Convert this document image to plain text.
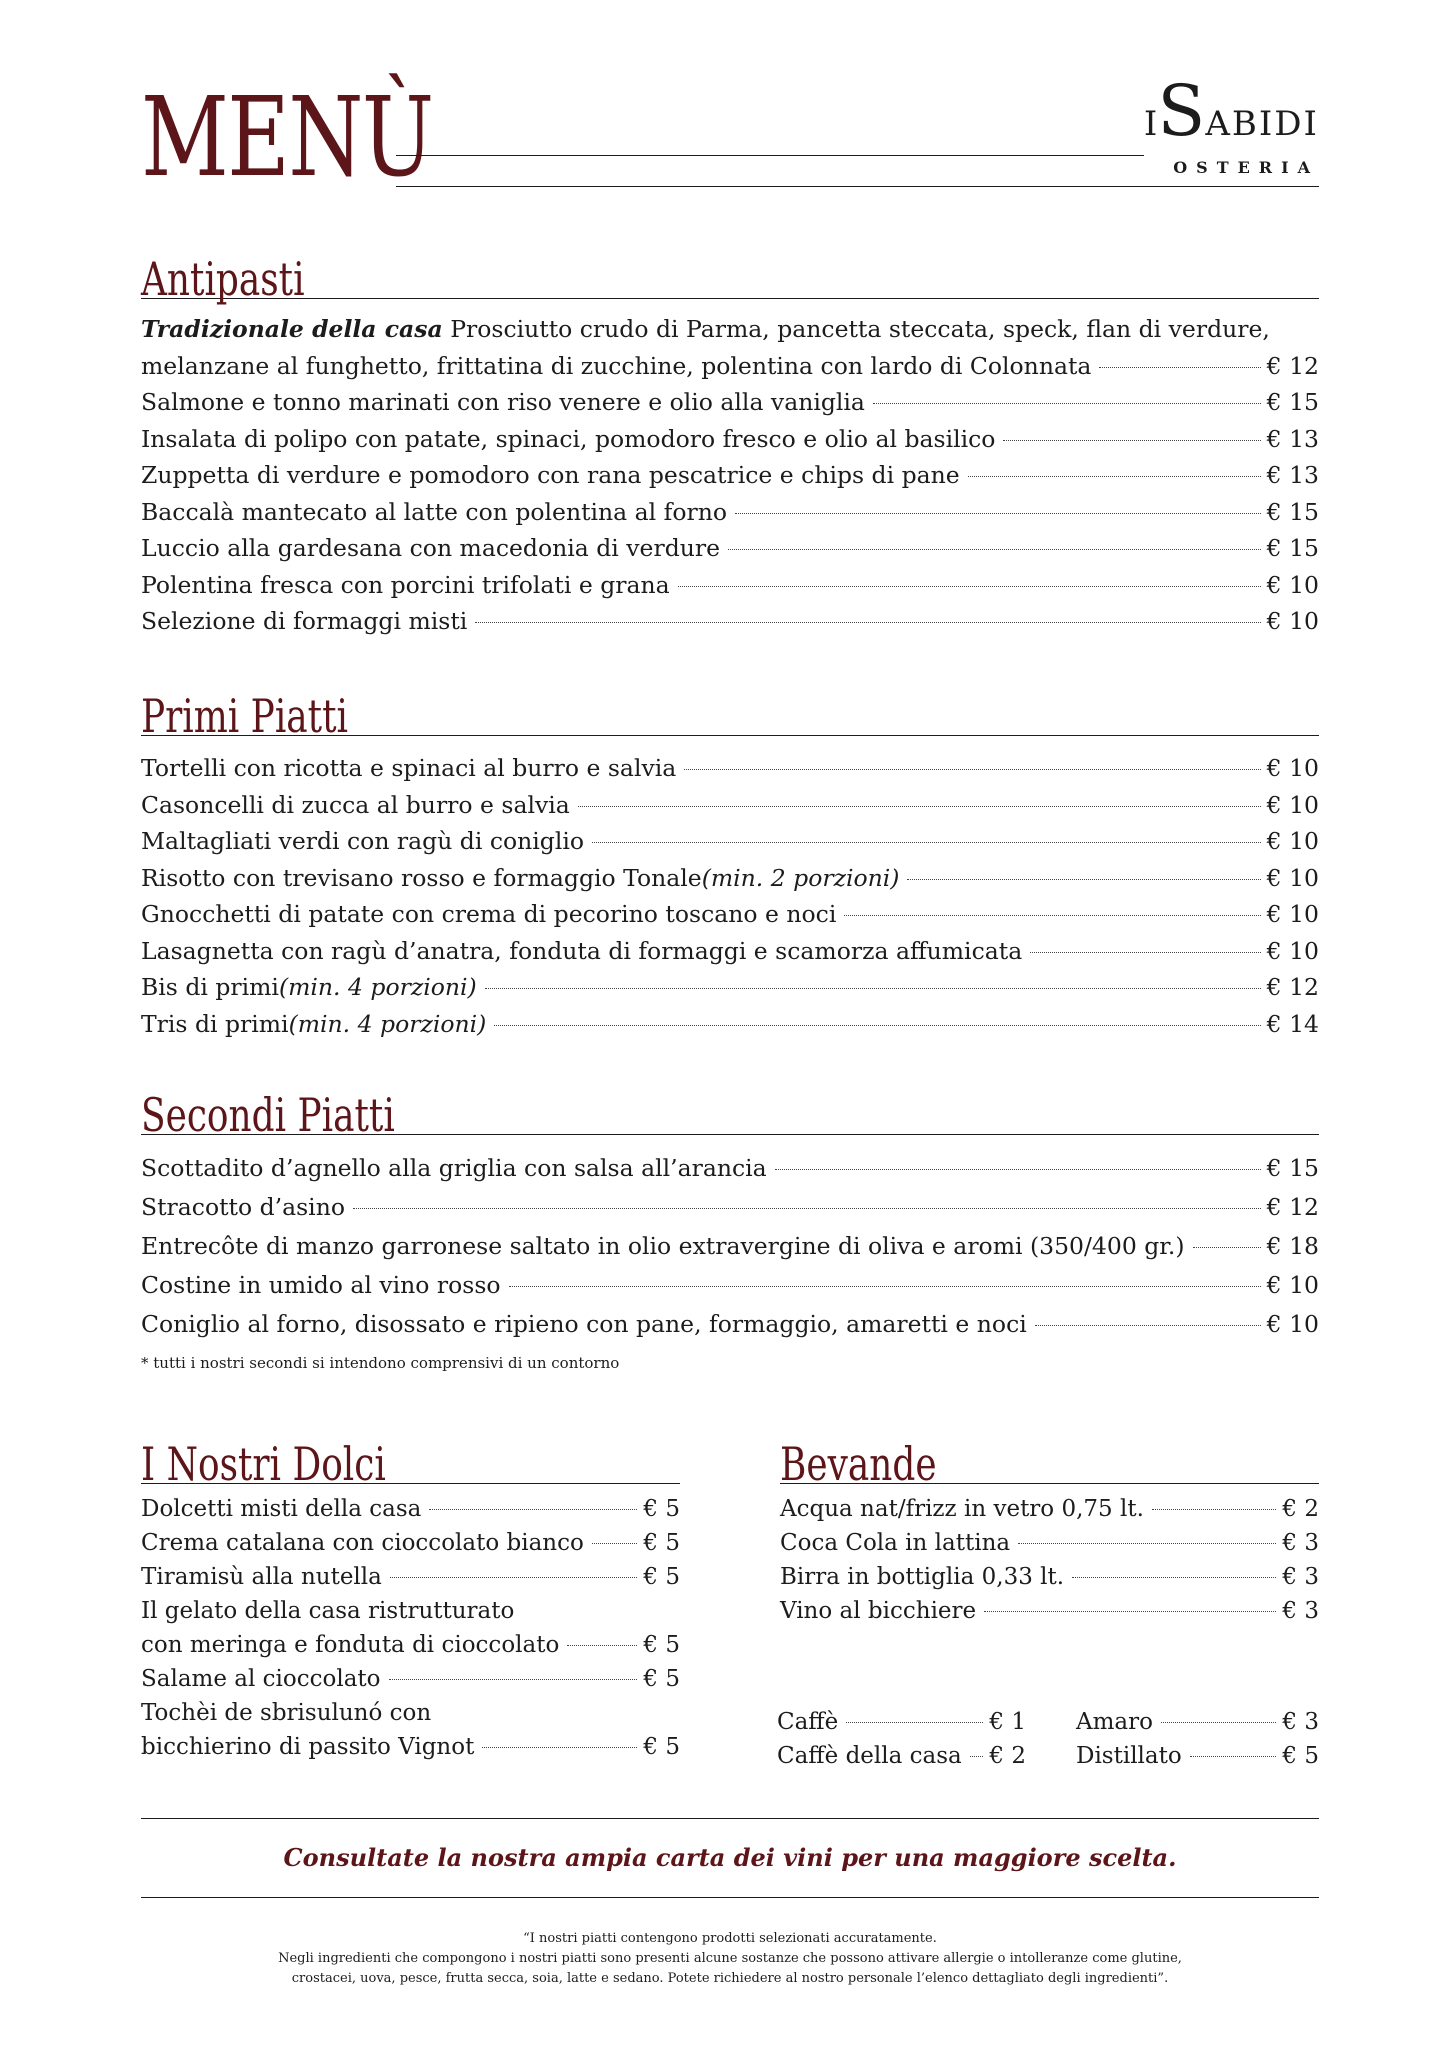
MENÙ	ISABIDI
OSTERIA
Antipasti
Tradizionale della casa Prosciutto crudo di Parma, pancetta steccata, speck, flan di verdure,
melanzane al funghetto, frittatina di zucchine, polentina con lardo di Colonnata	€ 12
Salmone e tonno marinati con riso venere e olio alla vaniglia	€ 15
Insalata di polipo con patate, spinaci, pomodoro fresco e olio al basilico	€ 13
Zuppetta di verdure e pomodoro con rana pescatrice e chips di pane	€ 13
Baccalà mantecato al latte con polentina al forno	€ 15
Luccio alla gardesana con macedonia di verdure	€ 15
Polentina fresca con porcini trifolati e grana	€ 10
Selezione di formaggi misti	€ 10
Primi Piatti
Tortelli con ricotta e spinaci al burro e salvia	€ 10
Casoncelli di zucca al burro e salvia	€ 10
Maltagliati verdi con ragù di coniglio	€ 10
Risotto con trevisano rosso e formaggio Tonale (min. 2 porzioni)	€ 10
Gnocchetti di patate con crema di pecorino toscano e noci	€ 10
Lasagnetta con ragù d’anatra, fonduta di formaggi e scamorza affumicata	€ 10
Bis di primi (min. 4 porzioni)	€ 12
Tris di primi (min. 4 porzioni)	€ 14
Secondi Piatti
Scottadito d’agnello alla griglia con salsa all’arancia	€ 15
Stracotto d’asino	€ 12
Entrecôte di manzo garronese saltato in olio extravergine di oliva e aromi (350/400 gr.)	€ 18
Costine in umido al vino rosso	€ 10
Coniglio al forno, disossato e ripieno con pane, formaggio, amaretti e noci	€ 10
* tutti i nostri secondi si intendono comprensivi di un contorno
I Nostri Dolci
Dolcetti misti della casa	€ 5
Crema catalana con cioccolato bianco	€ 5
Tiramisù alla nutella	€ 5
Il gelato della casa ristrutturato
con meringa e fonduta di cioccolato	€ 5
Salame al cioccolato	€ 5
Tochèi de sbrisulunó con
bicchierino di passito Vignot	€ 5
Bevande
Acqua nat/frizz in vetro 0,75 lt.	€ 2
Coca Cola in lattina	€ 3
Birra in bottiglia 0,33 lt.	€ 3
Vino al bicchiere	€ 3
Caffè	€ 1
Caffè della casa € 2
Amaro	€ 3
Distillato	€ 5
Consultate la nostra ampia carta dei vini per una maggiore scelta.
“I nostri piatti contengono prodotti selezionati accuratamente.
Negli ingredienti che compongono i nostri piatti sono presenti alcune sostanze che possono attivare allergie o intolleranze come glutine,
crostacei, uova, pesce, frutta secca, soia, latte e sedano. Potete richiedere al nostro personale l’elenco dettagliato degli ingredienti”.
